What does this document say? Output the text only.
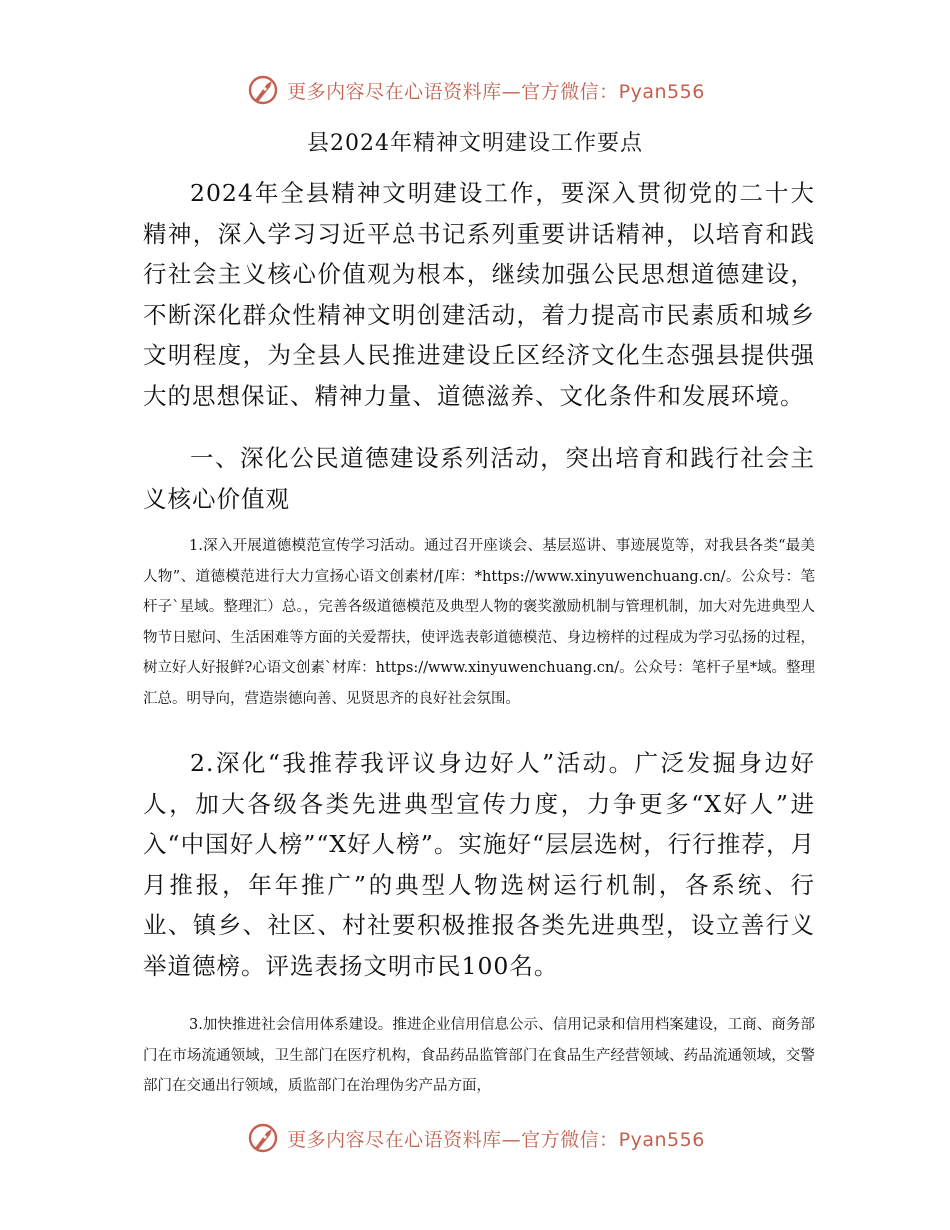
更多内容尽在心语资料库—官方微信：Pyan556
县2024年精神文明建设工作要点

2024年全县精神文明建设工作，要深入贯彻党的二十大精神，深入学习习近平总书记系列重要讲话精神，以培育和践行社会主义核心价值观为根本，继续加强公民思想道德建设，不断深化群众性精神文明创建活动，着力提高市民素质和城乡文明程度，为全县人民推进建设丘区经济文化生态强县提供强大的思想保证、精神力量、道德滋养、文化条件和发展环境。

一、深化公民道德建设系列活动，突出培育和践行社会主义核心价值观

1.深入开展道德模范宣传学习活动。通过召开座谈会、基层巡讲、事迹展览等，对我县各类“最美人物”、道德模范进行大力宣扬心语文创素材/[库：*https://www.xinyuwenchuang.cn/。公众号：笔杆子`星域。整理汇）总。，完善各级道德模范及典型人物的褒奖激励机制与管理机制，加大对先进典型人物节日慰问、生活困难等方面的关爱帮扶，使评选表彰道德模范、身边榜样的过程成为学习弘扬的过程，树立好人好报鲜?心语文创素`材库：https://www.xinyuwenchuang.cn/。公众号：笔杆子星*域。整理汇总。明导向，营造崇德向善、见贤思齐的良好社会氛围。

2.深化“我推荐我评议身边好人”活动。广泛发掘身边好人，加大各级各类先进典型宣传力度，力争更多“X好人”进入“中国好人榜”“X好人榜”。实施好“层层选树，行行推荐，月月推报，年年推广”的典型人物选树运行机制，各系统、行业、镇乡、社区、村社要积极推报各类先进典型，设立善行义举道德榜。评选表扬文明市民100名。

3.加快推进社会信用体系建设。推进企业信用信息公示、信用记录和信用档案建设，工商、商务部门在市场流通领域，卫生部门在医疗机构，食品药品监管部门在食品生产经营领域、药品流通领域，交警部门在交通出行领域，质监部门在治理伪劣产品方面，

更多内容尽在心语资料库—官方微信：Pyan556
